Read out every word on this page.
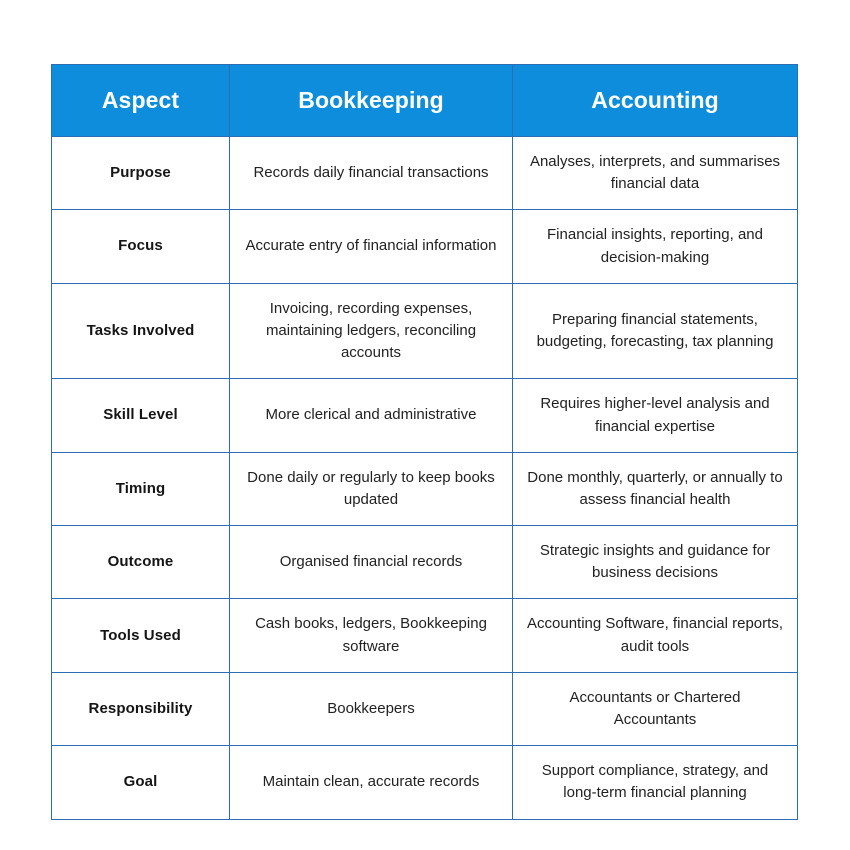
Aspect	Bookkeeping	Accounting
Purpose	Records daily financial transactions	Analyses, interprets, and summarises financial data
Focus	Accurate entry of financial information	Financial insights, reporting, and decision-making
Tasks Involved	Invoicing, recording expenses, maintaining ledgers, reconciling accounts	Preparing financial statements, budgeting, forecasting, tax planning
Skill Level	More clerical and administrative	Requires higher-level analysis and financial expertise
Timing	Done daily or regularly to keep books updated	Done monthly, quarterly, or annually to assess financial health
Outcome	Organised financial records	Strategic insights and guidance for business decisions
Tools Used	Cash books, ledgers, Bookkeeping software	Accounting Software, financial reports, audit tools
Responsibility	Bookkeepers	Accountants or Chartered Accountants
Goal	Maintain clean, accurate records	Support compliance, strategy, and long-term financial planning
